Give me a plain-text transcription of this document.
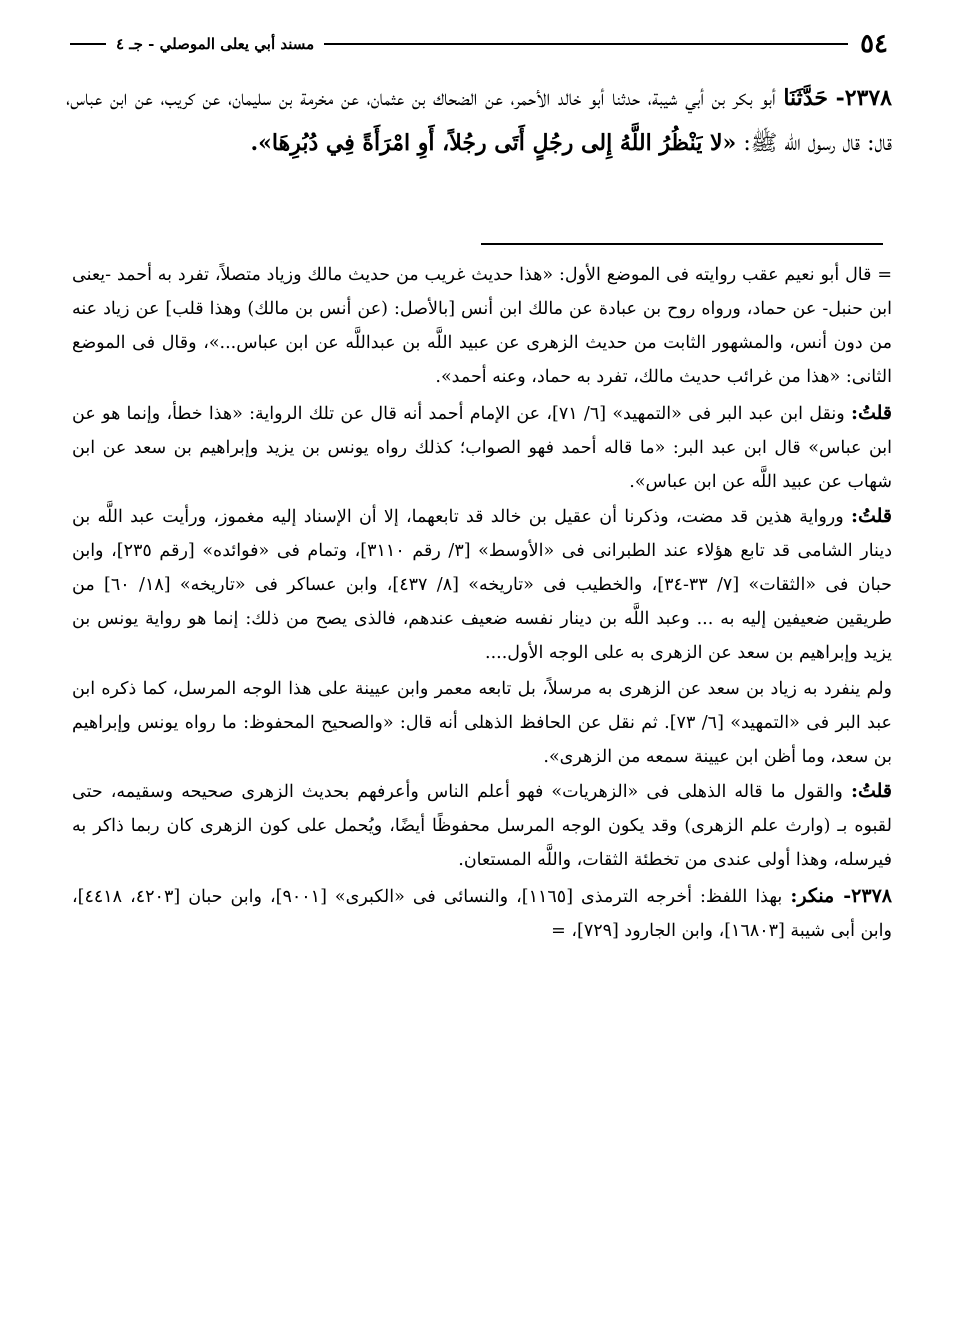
٥٤
مسند أبي يعلى الموصلي - جـ ٤
٢٣٧٨- حَدَّثَنَا أبو بكر بن أبي شيبة، حدثنا أبو خالد الأحمر، عن الضحاك بن عثمان، عن مخرمة بن سليمان، عن كريب، عن ابن عباس، قال: قال رسول الله ﷺ: «لا يَنْظُرُ اللَّهُ إِلى رجُلٍ أَتَى رجُلاً، أَوِ امْرَأَةً فِي دُبُرِهَا».

= قال أبو نعيم عقب روايته فى الموضع الأول: «هذا حديث غريب من حديث مالك وزياد متصلاً، تفرد به أحمد -يعنى ابن حنبل- عن حماد، ورواه روح بن عبادة عن مالك ابن أنس [بالأصل: (عن أنس بن مالك) وهذا قلب] عن زياد عنه من دون أنس، والمشهور الثابت من حديث الزهرى عن عبيد اللَّه بن عبداللَّه عن ابن عباس...»، وقال فى الموضع الثانى: «هذا من غرائب حديث مالك، تفرد به حماد، وعنه أحمد».

قلتُ: ونقل ابن عبد البر فى «التمهيد» [٦/ ٧١]، عن الإمام أحمد أنه قال عن تلك الرواية: «هذا خطأ، وإنما هو عن ابن عباس» قال ابن عبد البر: «ما قاله أحمد فهو الصواب؛ كذلك رواه يونس بن يزيد وإبراهيم بن سعد عن ابن شهاب عن عبيد اللَّه عن ابن عباس».

قلتُ: ورواية هذين قد مضت، وذكرنا أن عقيل بن خالد قد تابعهما، إلا أن الإسناد إليه مغموز، ورأيت عبد اللَّه بن دينار الشامى قد تابع هؤلاء عند الطبرانى فى «الأوسط» [٣/ رقم ٣١١٠]، وتمام فى «فوائده» [رقم ٢٣٥]، وابن حبان فى «الثقات» [٧/ ٣٣-٣٤]، والخطيب فى «تاريخه» [٨/ ٤٣٧]، وابن عساكر فى «تاريخه» [١٨/ ٦٠] من طريقين ضعيفين إليه به ... وعبد اللَّه بن دينار نفسه ضعيف عندهم، فالذى يصح من ذلك: إنما هو رواية يونس بن يزيد وإبراهيم بن سعد عن الزهرى به على الوجه الأول....

ولم ينفرد به زياد بن سعد عن الزهرى به مرسلاً، بل تابعه معمر وابن عيينة على هذا الوجه المرسل، كما ذكره ابن عبد البر فى «التمهيد» [٦/ ٧٣]. ثم نقل عن الحافظ الذهلى أنه قال: «والصحيح المحفوظ: ما رواه يونس وإبراهيم بن سعد، وما أظن ابن عيينة سمعه من الزهرى».

قلتُ: والقول ما قاله الذهلى فى «الزهريات» فهو أعلم الناس وأعرفهم بحديث الزهرى صحيحه وسقيمه، حتى لقبوه بـ (وارث علم الزهرى) وقد يكون الوجه المرسل محفوظًا أيضًا، ويُحمل على كون الزهرى كان ربما ذاكر به فيرسله، وهذا أولى عندى من تخطئة الثقات، واللَّه المستعان.

٢٣٧٨- منكر: بهذا اللفظ: أخرجه الترمذى [١١٦٥]، والنسائى فى «الكبرى» [٩٠٠١]، وابن حبان [٤٢٠٣، ٤٤١٨]، وابن أبى شيبة [١٦٨٠٣]، وابن الجارود [٧٢٩]، =
